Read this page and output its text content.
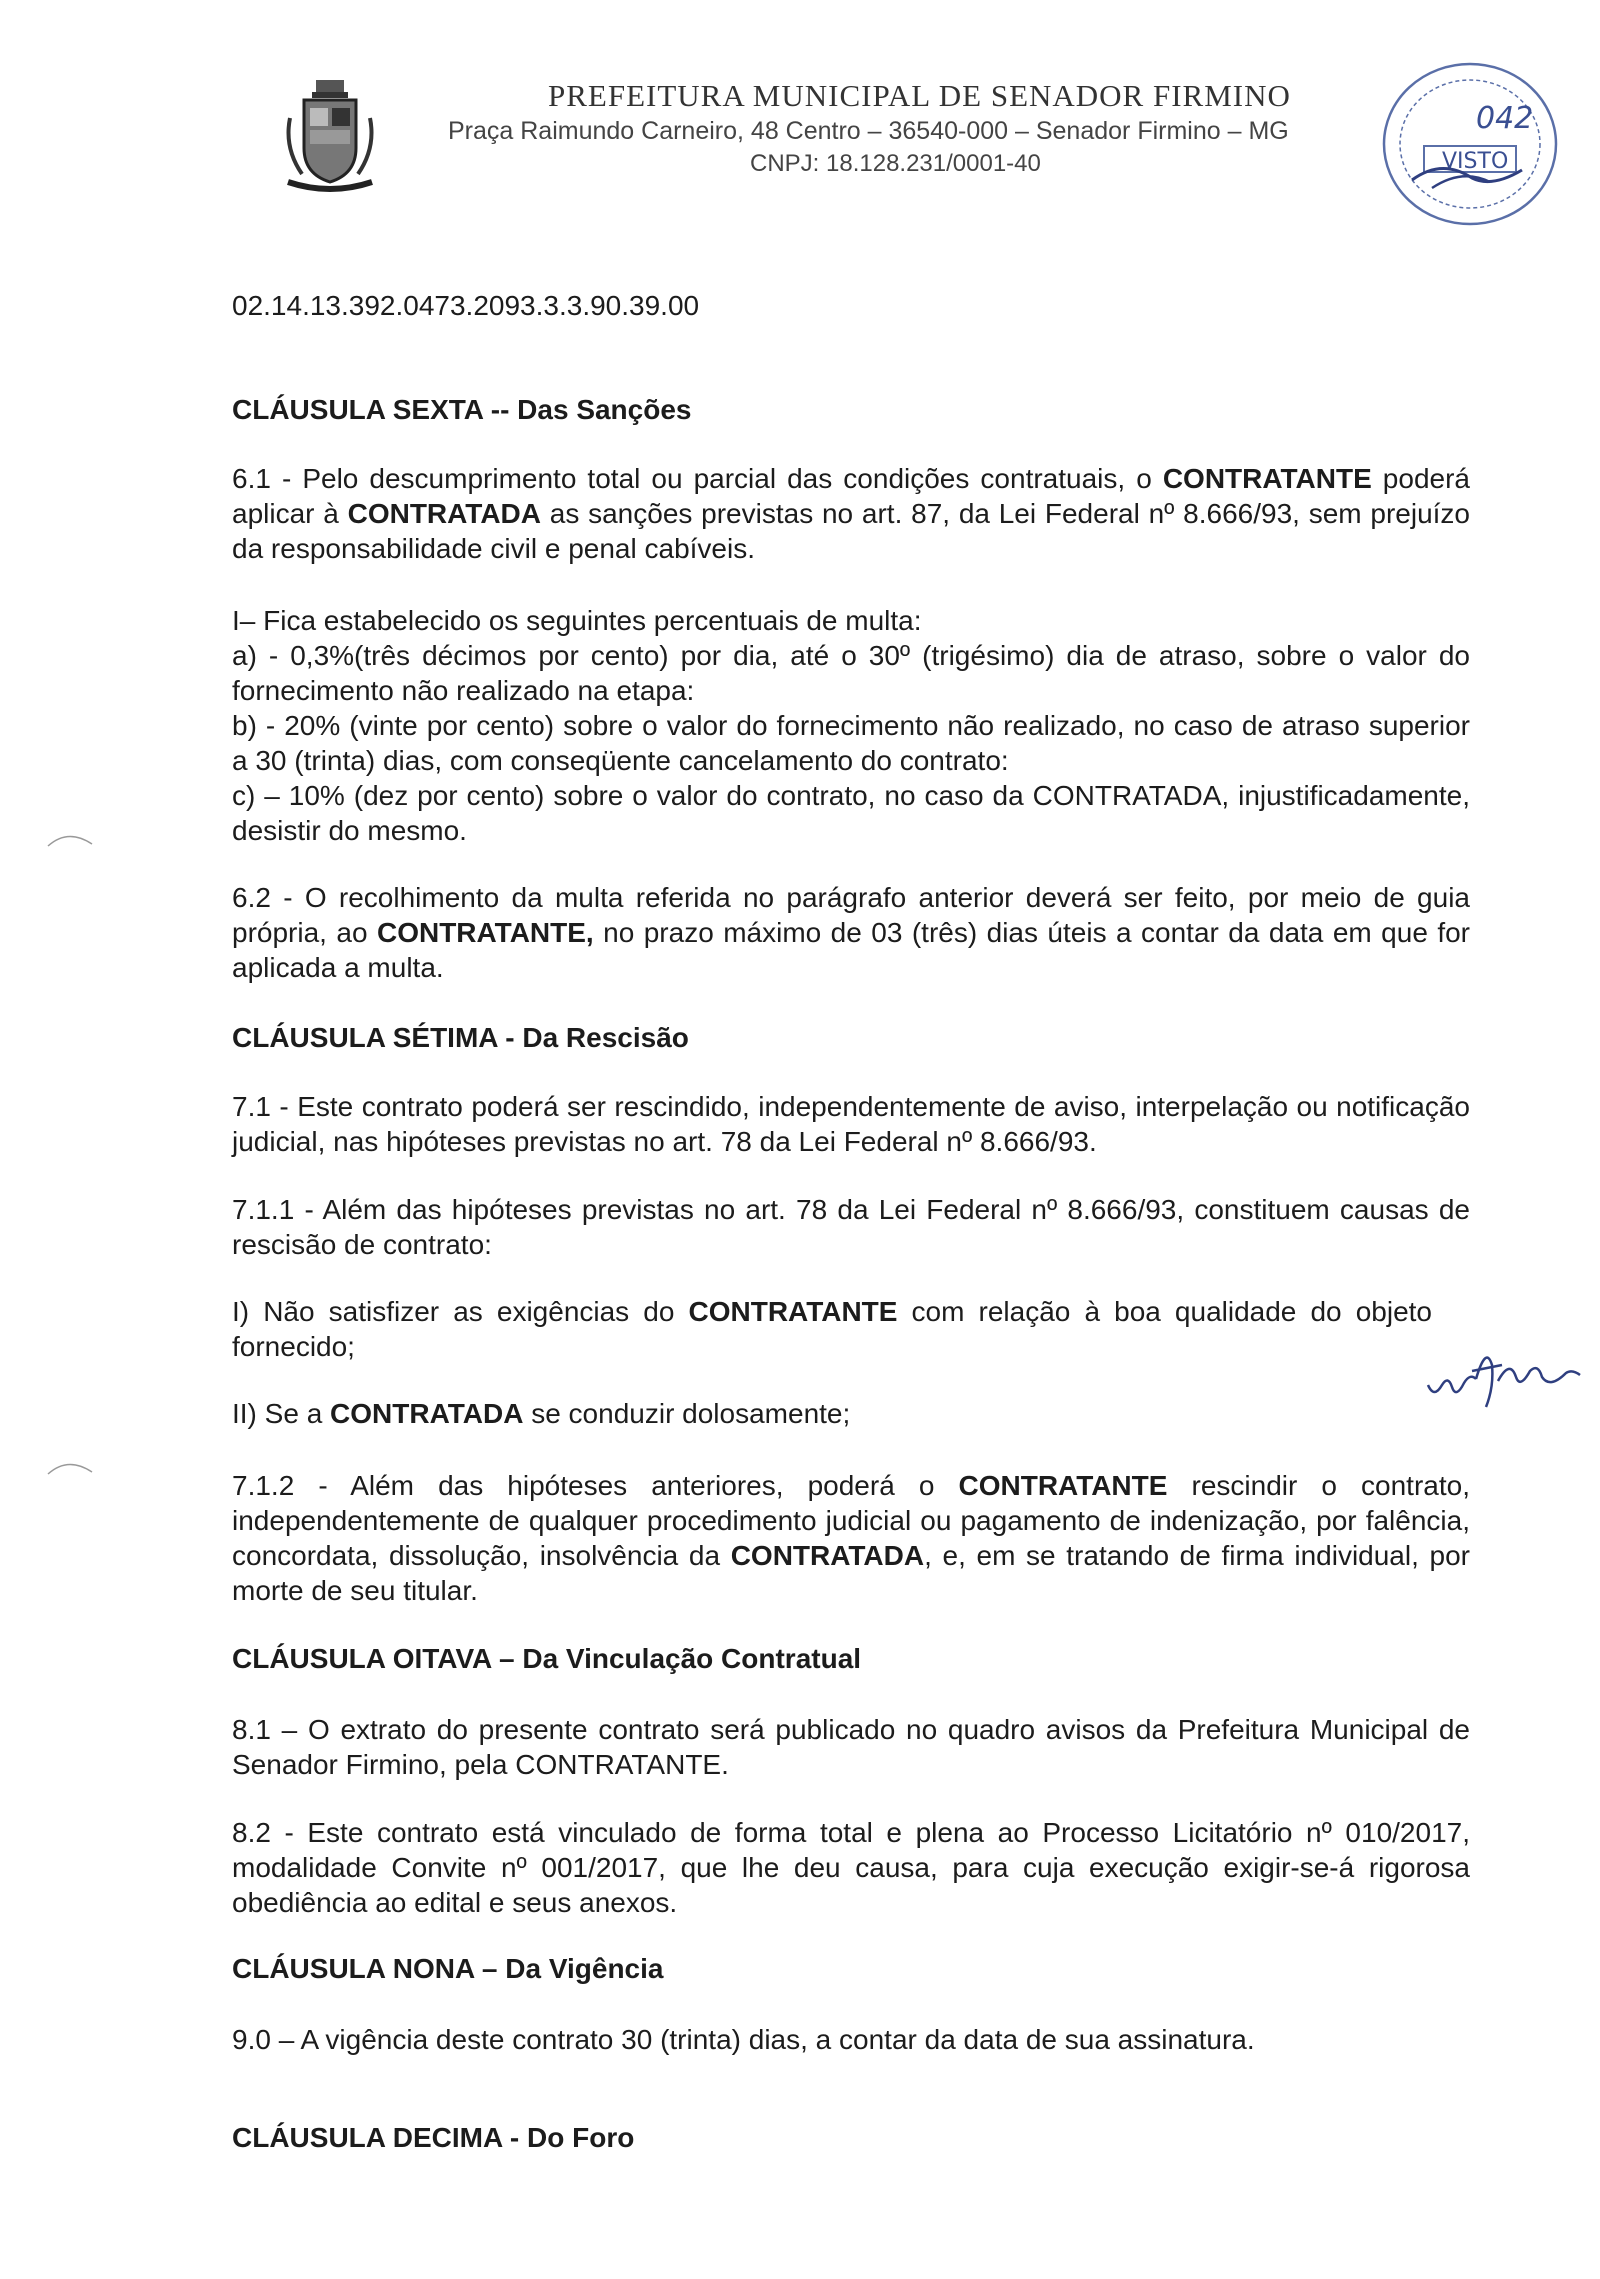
PREFEITURA MUNICIPAL DE SENADOR FIRMINO
Praça Raimundo Carneiro, 48 Centro – 36540-000 – Senador Firmino – MG
CNPJ: 18.128.231/0001-40
042
VISTO
02.14.13.392.0473.2093.3.3.90.39.00
CLÁUSULA SEXTA -- Das Sanções

6.1 - Pelo descumprimento total ou parcial das condições contratuais, o CONTRATANTE poderá aplicar à CONTRATADA as sanções previstas no art. 87, da Lei Federal nº 8.666/93, sem prejuízo da responsabilidade civil e penal cabíveis.

I– Fica estabelecido os seguintes percentuais de multa:

a) - 0,3%(três décimos por cento) por dia, até o 30º (trigésimo) dia de atraso, sobre o valor do fornecimento não realizado na etapa:

b) - 20% (vinte por cento) sobre o valor do fornecimento não realizado, no caso de atraso superior a 30 (trinta) dias, com conseqüente cancelamento do contrato:

c) – 10% (dez por cento) sobre o valor do contrato, no caso da CONTRATADA, injustificadamente, desistir do mesmo.

6.2 - O recolhimento da multa referida no parágrafo anterior deverá ser feito, por meio de guia própria, ao CONTRATANTE, no prazo máximo de 03 (três) dias úteis a contar da data em que for aplicada a multa.

CLÁUSULA SÉTIMA - Da Rescisão

7.1 - Este contrato poderá ser rescindido, independentemente de aviso, interpelação ou notificação judicial, nas hipóteses previstas no art. 78 da Lei Federal nº 8.666/93.

7.1.1 - Além das hipóteses previstas no art. 78 da Lei Federal nº 8.666/93, constituem causas de rescisão de contrato:

I) Não satisfizer as exigências do CONTRATANTE com relação à boa qualidade do objeto fornecido;

II) Se a CONTRATADA se conduzir dolosamente;

7.1.2 - Além das hipóteses anteriores, poderá o CONTRATANTE rescindir o contrato, independentemente de qualquer procedimento judicial ou pagamento de indenização, por falência, concordata, dissolução, insolvência da CONTRATADA, e, em se tratando de firma individual, por morte de seu titular.

CLÁUSULA OITAVA – Da Vinculação Contratual

8.1 – O extrato do presente contrato será publicado no quadro avisos da Prefeitura Municipal de Senador Firmino, pela CONTRATANTE.

8.2 - Este contrato está vinculado de forma total e plena ao Processo Licitatório nº 010/2017, modalidade Convite nº 001/2017, que lhe deu causa, para cuja execução exigir-se-á rigorosa obediência ao edital e seus anexos.

CLÁUSULA NONA – Da Vigência

9.0 – A vigência deste contrato 30 (trinta) dias, a contar da data de sua assinatura.

CLÁUSULA DECIMA - Do Foro
